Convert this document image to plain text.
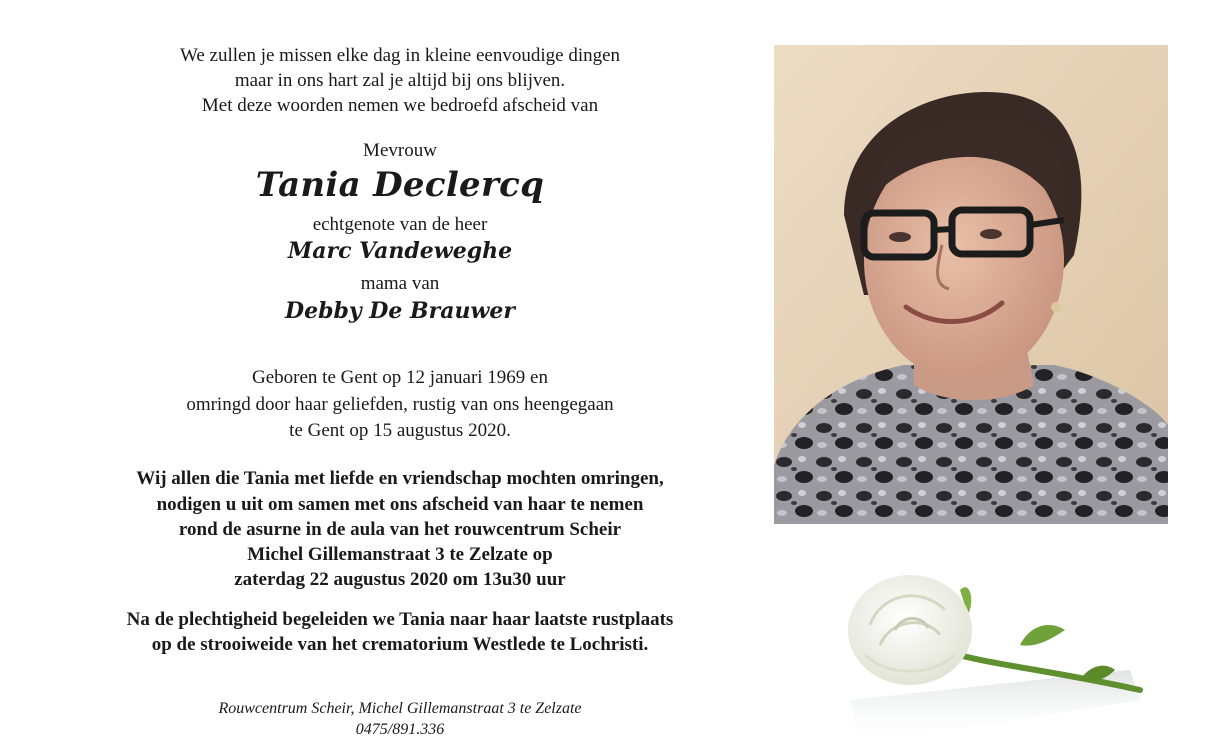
We zullen je missen elke dag in kleine eenvoudige dingen
maar in ons hart zal je altijd bij ons blijven.
Met deze woorden nemen we bedroefd afscheid van
Mevrouw
Tania Declercq
echtgenote van de heer
Marc Vandeweghe
mama van
Debby De Brauwer
Geboren te Gent op 12 januari 1969 en
omringd door haar geliefden, rustig van ons heengegaan
te Gent op 15 augustus 2020.
Wij allen die Tania met liefde en vriendschap mochten omringen,
nodigen u uit om samen met ons afscheid van haar te nemen
rond de asurne in de aula van het rouwcentrum Scheir
Michel Gillemanstraat 3 te Zelzate op
zaterdag 22 augustus 2020 om 13u30 uur
Na de plechtigheid begeleiden we Tania naar haar laatste rustplaats
op de strooiweide van het crematorium Westlede te Lochristi.
Rouwcentrum Scheir, Michel Gillemanstraat 3 te Zelzate
0475/891.336
